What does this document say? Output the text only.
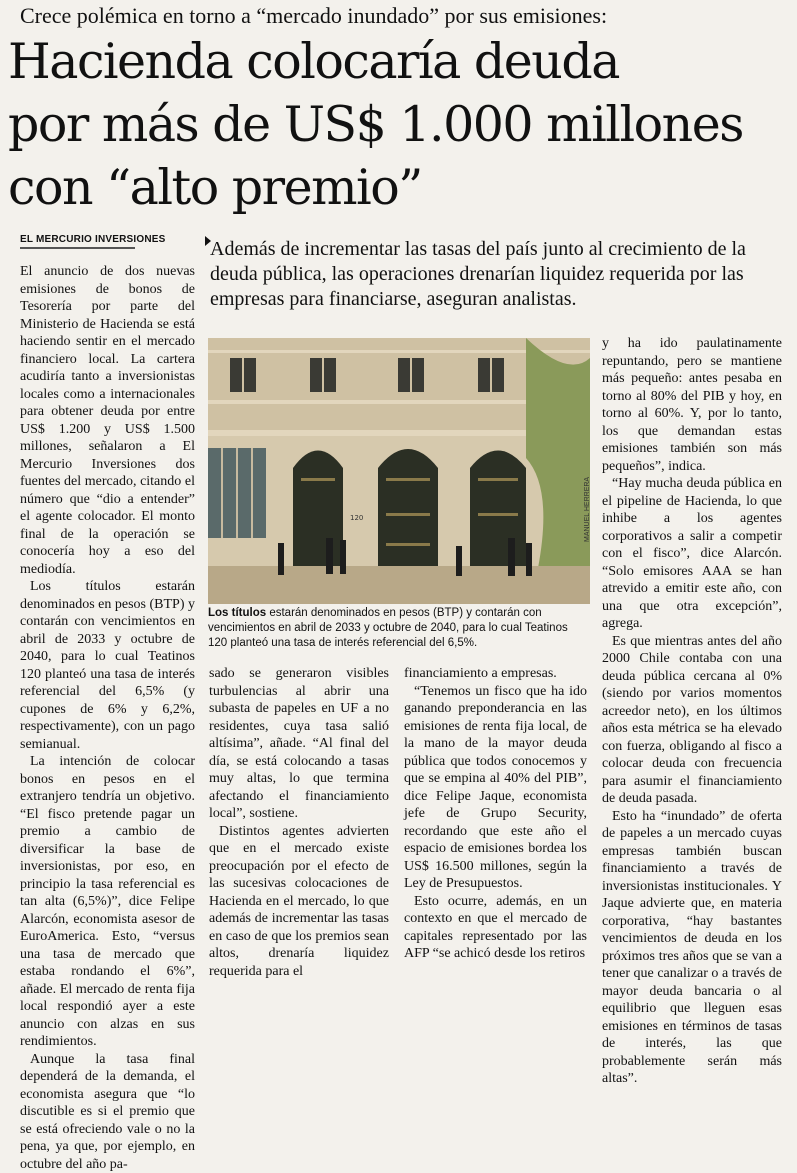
Crece polémica en torno a “mercado inundado” por sus emisiones:
Hacienda colocaría deuda
por más de US$ 1.000 millones
con “alto premio”
EL MERCURIO INVERSIONES Además de incrementar las tasas del país junto al crecimiento de la deuda pública, las operaciones drenarían liquidez requerida por las empresas para financiarse, aseguran analistas.

El anuncio de dos nuevas emisiones de bonos de Tesorería por parte del Ministerio de Hacienda se está haciendo sentir en el mercado financiero local. La cartera acudiría tanto a inversionistas locales como a internacionales para obtener deuda por entre US$ 1.200 y US$ 1.500 millones, señalaron a El Mercurio Inversiones dos fuentes del mercado, citando el número que “dio a entender” el agente colocador. El monto final de la operación se conocería hoy a eso del mediodía.

Los títulos estarán denominados en pesos (BTP) y contarán con vencimientos en abril de 2033 y octubre de 2040, para lo cual Teatinos 120 planteó una tasa de interés referencial del 6,5% (y cupones de 6% y 6,2%, respectivamente), con un pago semianual.

La intención de colocar bonos en pesos en el extranjero tendría un objetivo. “El fisco pretende pagar un premio a cambio de diversificar la base de inversionistas, por eso, en principio la tasa referencial es tan alta (6,5%)”, dice Felipe Alarcón, economista asesor de EuroAmerica. Esto, “versus una tasa de mercado que estaba rondando el 6%”, añade. El mercado de renta fija local respondió ayer a este anuncio con alzas en sus rendimientos.

Aunque la tasa final dependerá de la demanda, el economista asegura que “lo discutible es si el premio que se está ofreciendo vale o no la pena, ya que, por ejemplo, en octubre del año pa-

120	MANUEL HERRERA
Los títulos estarán denominados en pesos (BTP) y contarán con vencimientos en abril de 2033 y octubre de 2040, para lo cual Teatinos 120 planteó una tasa de interés referencial del 6,5%.

sado se generaron visibles turbulencias al abrir una subasta de papeles en UF a no residentes, cuya tasa salió altísima”, añade. “Al final del día, se está colocando a tasas muy altas, lo que termina afectando el financiamiento local”, sostiene.

Distintos agentes advierten que en el mercado existe preocupación por el efecto de las sucesivas colocaciones de Hacienda en el mercado, lo que además de incrementar las tasas en caso de que los premios sean altos, drenaría liquidez requerida para el

financiamiento a empresas.

“Tenemos un fisco que ha ido ganando preponderancia en las emisiones de renta fija local, de la mano de la mayor deuda pública que todos conocemos y que se empina al 40% del PIB”, dice Felipe Jaque, economista jefe de Grupo Security, recordando que este año el espacio de emisiones bordea los US$ 16.500 millones, según la Ley de Presupuestos.

Esto ocurre, además, en un contexto en que el mercado de capitales representado por las AFP “se achicó desde los retiros

y ha ido paulatinamente repuntando, pero se mantiene más pequeño: antes pesaba en torno al 80% del PIB y hoy, en torno al 60%. Y, por lo tanto, los que demandan estas emisiones también son más pequeños”, indica.

“Hay mucha deuda pública en el pipeline de Hacienda, lo que inhibe a los agentes corporativos a salir a competir con el fisco”, dice Alarcón. “Solo emisores AAA se han atrevido a emitir este año, con una que otra excepción”, agrega.

Es que mientras antes del año 2000 Chile contaba con una deuda pública cercana al 0% (siendo por varios momentos acreedor neto), en los últimos años esta métrica se ha elevado con fuerza, obligando al fisco a colocar deuda con frecuencia para asumir el financiamiento de deuda pasada.

Esto ha “inundado” de oferta de papeles a un mercado cuyas empresas también buscan financiamiento a través de inversionistas institucionales. Y Jaque advierte que, en materia corporativa, “hay bastantes vencimientos de deuda en los próximos tres años que se van a tener que canalizar o a través de mayor deuda bancaria o al equilibrio que lleguen esas emisiones en términos de tasas de interés, las que probablemente serán más altas”.
